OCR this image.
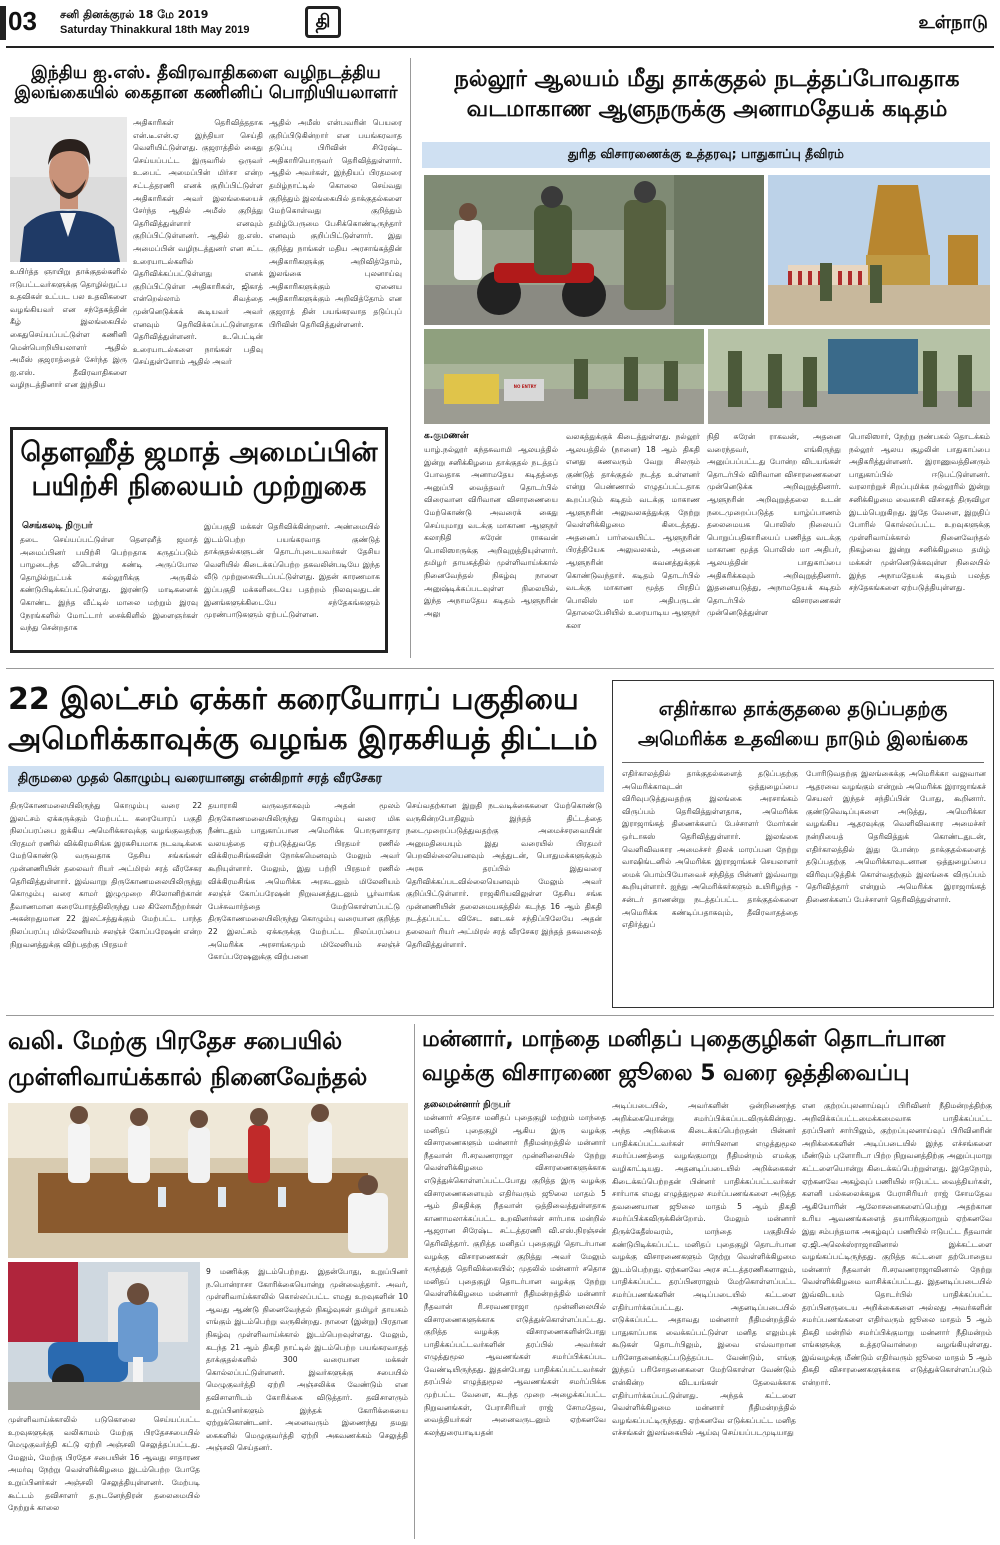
03 சனி தினக்குரல் 18 மே 2019
Saturday Thinakkural 18th May 2019	தி	உள்நாடு
இந்திய ஐ.எஸ். தீவிரவாதிகளை வழிநடத்திய இலங்கையில் கைதான கணினிப் பொறியியலாளர்
உயிர்த்த ஞாயிறு தாக்குதல்களில் ஈடுபட்டவர்களுக்கு தொழில்நுட்ப உதவிகள் உட்பட பல உதவிகளை வழங்கியவர் என சந்தேகத்தின் கீழ் இலங்கையில் கைதுசெய்யப்பட்டுள்ள கணினி மென்பொறியியலாளர் ஆதில் அமீஸ் குஜராத்தைச் சேர்ந்த இரு ஐ.எஸ். தீவிரவாதிகளை வழிநடத்தினார் என இந்திய
அதிகாரிகள் தெரிவித்ததாக என்.டீ.என்.ஏ இந்தியா செய்தி வெளியிட்டுள்ளது. குஜராத்தில் கைது செய்யப்பட்ட இருவரில் ஒருவர் உ.பைட் அமைப்பின் மிர்சா என்ற சட்டத்தரணி எனக் குறிப்பிட்டுள்ள அதிகாரிகள் அவர் இலங்கையைச் சேர்ந்த ஆதில் அமீஸ் குறித்து தெரிவித்துள்ளார் எனவும் குறிப்பிட்டுள்ளனர். ஆதில் ஐ.எஸ். அமைப்பின் வழிநடத்துனர் என சட்ட உரையாடல்களில் தெரிவிக்கப்பட்டுள்ளது எனக் குறிப்பிட்டுள்ள அதிகாரிகள், ஜிகாத் என்றெல்லாம் சிவத்தை முன்னெடுக்கக் கூடியவர் அவர் எனவும் தெரிவிக்கப்பட்டுள்ளதாக தெரிவித்துள்ளனர். உ.பெட்டின் உரையாடல்களை நாங்கள் பதிவு செய்துள்ளோம் ஆதில் அவர்
ஆதில் அமீஸ் என்பவரின் பெயரை குறிப்பிடுகின்றார் என பயங்கரவாத தடுப்பு பிரிவின் சிரேஷ்ட அதிகாரியொருவர் தெரிவித்துள்ளார். ஆதில் அவர்கள், இந்தியப் பிரதமரை தமிழ்நாட்டில் கொலை செய்வது குறித்தும் இலங்கையில் தாக்குதல்களை மேற்கொள்வது குறித்தும் தமிழ்பேருமை பேசிக்கொண்டிருந்தார் எனவும் குறிப்பிட்டுள்ளார். இது குறித்து நாங்கள் மதிய அரசாங்கத்தின் அதிகாரிகளுக்கு அறிவித்தோம், இலங்கை புலனாய்வு அதிகாரிகளுக்கும் ஏனைய அதிகாரிகளுக்கும் அறிவித்தோம் என குஜராத் தின் பயங்கரவாத தடுப்புப் பிரிவின் தெரிவித்துள்ளனர்.
தௌஹீத் ஜமாத் அமைப்பின் பயிற்சி நிலையம் முற்றுகை
செங்கலடி நிருபர்
தடை செய்யப்பட்டுள்ள தௌஹீத் ஜமாத் அமைப்பினர் பயிற்சி பெற்றதாக கருதப்படும் பாழடைந்த வீடொன்று சுண்டி அருப்போல தொழில்நுட்பக் கல்லூரிக்கு அருகில் கண்டுபிடிக்கப்பட்டுள்ளது. இரண்டு மாடிகளைக் கொண்ட இந்த வீட்டில் மாலை மற்றும் இரவு நேரங்களில் மோட்டார் சைக்கிளில் இளைஞர்கள் வந்து சென்றதாக
இப்பகுதி மக்கள் தெரிவிக்கின்றனர். அண்மையில் இடம்பெற்ற பயங்கரவாத குண்டுத் தாக்குதல்களுடன் தொடர்புடையவர்கள் தேசிய வெளியில் கிடைக்கப்பெற்ற தகவலின்படியே இந்த வீடு முற்றுகையிடப்பட்டுள்ளது. இதன் காரணமாக இப்பகுதி மக்களிடையே பதற்றம் நிலவுவதுடன் இனங்களுக்கிடையே சந்தேகங்களும் முரண்பாடுகளும் ஏற்பட்டுள்ளன.
நல்லூர் ஆலயம் மீது தாக்குதல் நடத்தப்போவதாக வடமாகாண ஆளுநருக்கு அனாமதேயக் கடிதம்
துரித விசாரணைக்கு உத்தரவு; பாதுகாப்பு தீவிரம்
NO ENTRY
க.குமணன்
யாழ்.நல்லூர் கந்தசுவாமி ஆலயத்தில் இன்று சனிக்கிழமை தாக்குதல் நடத்தப் போவதாக அனாமதேய கடிதத்தை அனுப்பி வைத்தவர் தொடர்பில் விரைவான விரிவான விசாரணையை மேற்கொண்டு அவரைக் கைது செய்யுமாறு வடக்கு மாகாண ஆளுநர் கலாநிதி சுரேன் ராகவன் பொலிஸாருக்கு அறிவுறுத்தியுள்ளார். தமிழர் தாயகத்தில் முள்ளிவாய்க்கால் நினைவேந்தல் நிகழ்வு நாளை அனுஷ்டிக்கப்படவுள்ள நிலையில், இந்த அநாமதேய கடிதம் ஆளுநரின் அலு
வலகத்துக்குக் கிடைத்துள்ளது. நல்லூர் ஆலயத்தில் (நாளை) 18 ஆம் திகதி எனது கணவரும் வேறு சிலரும் குண்டுத் தாக்குதல் நடத்த உள்ளனர் என்று பெண்ணால் எழுதப்பட்டதாக கூறப்படும் கடிதம் வடக்கு மாகாண ஆளுநரின் அலுவலகத்துக்கு நேற்று வெள்ளிக்கிழமை கிடைத்தது. அதனைப் பார்வையிட்ட ஆளுநரின் பிரத்தியேக அலுவலகம், அதனை ஆளுநரின் கவனத்துக்குக் கொண்டுவந்தார். கடிதம் தொடர்பில் வடக்கு மாகாண மூத்த பிரதிப் பொலிஸ் மா அதிபருடன் தொலைபேசியில் உரையாடிய ஆளுநர் கலா
நிதி சுரேன் ராகவன், அதனை வரைந்தவர், எங்கிருந்து அனுப்பப்பட்டது போன்ற விடயங்கள் தொடர்பில் விரிவான விசாரணைகளை முன்னெடுக்க அறிவுறுத்தினார். ஆளுநரின் அறிவுறுத்தலை உடன் நடைமுறைப்படுத்த யாழ்ப்பாணம் தலைமையக பொலிஸ் நிலையப் பொறுப்பதிகாரியைப் பணித்த வடக்கு மாகாண மூத்த பொலிஸ் மா அதிபர், ஆலயத்தின் பாதுகாப்பை அதிகரிக்கவும் அறிவுறுத்தினார். இதனையடுத்து, அநாமதேயக் கடிதம் தொடர்பில் விசாரணைகள் முன்னெடுத்துள்ள
பொலிஸார், நேற்று நண்பகல் தொடக்கம் நல்லூர் ஆலய சூழலின் பாதுகாப்பை அதிகரித்துள்ளனர். இராணுவத்தினரும் பாதுகாப்பில் ஈடுபட்டுள்ளனர். வரலாற்றுச் சிறப்புமிக்க நல்லூரில் இன்று சனிக்கிழமை வைகாசி விசாகத் திருவிழா இடம்பெறுகிறது. இதே வேளை, இறுதிப் போரில் கொல்லப்பட்ட உறவுகளுக்கு முள்ளிவாய்க்கால் நினைவேந்தல் நிகழ்வை இன்று சனிக்கிழமை தமிழ் மக்கள் முன்னெடுக்கவுள்ள நிலையில் இந்த அநாமதேயக் கடிதம் பலத்த சந்தேகங்களை ஏற்படுத்தியுள்ளது.
22 இலட்சம் ஏக்கர் கரையோரப் பகுதியை
அமெரிக்காவுக்கு வழங்க இரகசியத் திட்டம்
திருமலை முதல் கொழும்பு வரையானது என்கிறார் சரத் வீரசேகர
திருகோணமலையிலிருந்து கொழும்பு வரை 22 இலட்சம் ஏக்கருக்கும் மேற்பட்ட கரையோரப் பகுதி நிலப்பரப்பை ஐக்கிய அமெரிக்காவுக்கு வழங்குவதற்கு பிரதமர் ரணில் விக்கிரமசிங்க இரகசியமாக நடவடிக்கை மேற்கொண்டு வருவதாக தேசிய சங்கங்கள் முன்னணியின் தலைவர் ரியர் அட்மிரல் சரத் வீரசேகர தெரிவித்துள்ளார். இவ்வாறு திருகோணமலையிலிருந்து கொழும்பு வரை காமர் இழுமுறை சிலோனிற்கான் தீவாணமான கரையோரத்திலிருந்து பல கிலோமீற்றர்கள் அகன்றதுமான 22 இலட்சத்துக்கும் மேற்பட்ட பாந்த நிலப்பரப்பு மில்லேனியம் சலஞ்ச் கோப்பரேஷன் என்ற நிறுவனத்துக்கு விற்பதற்கு பிரதமர்
தயாராகி வருவதாகவும் அதன் மூலம் திருகோணமலையிலிருந்து கொழும்பு வரை மிக நீண்டதும் பாதுகாப்பான அமெரிக்க பொருளாதார வலயத்தை ஏற்படுத்துவதே பிரதமர் ரணில் விக்கிரமசிங்கவின் நோக்கமெனவும் மேலும் அவர் கூறியுள்ளார். மேலும், இது பற்றி பிரதமர் ரணில் விக்கிரமசிங்க அமெரிக்க அரசுடனும் மிலேனியம் சலஞ்ச் கோப்பரேஷன் நிறுவனத்துடனும் பூர்வாங்க பேச்சுவார்த்தை மேற்கொள்ளப்பட்டு திருகோணமலையிலிருந்து கொழும்பு வரையான குறித்த 22 இலட்சம் ஏக்கருக்கு மேற்பட்ட நிலப்பரப்பை அமெரிக்க அரசாங்கமும் மிலேனியம் சலஞ்ச் கோப்பரேஷனுக்கு விற்பனை
செய்வதற்கான இறுதி நடவடிக்கைகளை மேற்கொண்டு வருகின்றபோதிலும் இந்தத் திட்டத்தை நடைமுறைப்படுத்துவதற்கு அமைச்சரவையின் அனுமதியையும் இது வரையில் பிரதமர் பெறவில்லையெனவும் அத்துடன், பொதுமக்களுக்கும் அரசு தரப்பில் இதுவரை தெரிவிக்கப்படவில்லையெனவும் மேலும் அவர் குறிப்பிட்டுள்ளார். ராஜகிரியவிலுள்ள தேசிய சங்க முன்னணியின் தலைமையகத்தில் கடந்த 16 ஆம் திகதி நடத்தப்பட்ட விசேட ஊடகச் சந்திப்பிலேயே அதன் தலைவர் ரியர் அட்மிரல் சரத் வீரசேகர இந்தத் தகவலைத் தெரிவித்துள்ளார்.
எதிர்கால தாக்குதலை தடுப்பதற்கு
அமெரிக்க உதவியை நாடும் இலங்கை
எதிர்காலத்தில் தாக்குதல்களைத் தடுப்பதற்கு அமெரிக்காவுடன் ஒத்துழைப்பை விரிவுபடுத்துவதற்கு இலங்கை அரசாங்கம் விருப்பம் தெரிவித்துள்ளதாக, அமெரிக்க இராஜாங்கத் திணைக்களப் பேச்சாளர் மோர்கன் ஒர்டாகஸ் தெரிவித்துள்ளார். இலங்கை வெளிவிவகார அமைச்சர் திலக் மாரப்பன நேற்று வாஷிங்டனில் அமெரிக்க இராஜாங்கச் செயலாளர் மைக் பொம்பியோவைச் சந்தித்த பின்னர் இவ்வாறு கூறியுள்ளார். ஐந்து அமெரிக்கர்களும் உயிரிழந்த - சன்டர் தாணன்று நடத்தப்பட்ட தாக்குதல்களை அமெரிக்க கண்டிப்பதாகவும், தீவிரவாதத்தை எதிர்த்துப்
போரிடுவதற்கு இலங்கைக்கு அமெரிக்கா வலுவான ஆதரவை வழங்கும் என்றும் அமெரிக்க இராஜாங்கச் செயலர் இந்தச் சந்திப்பின் போது, கூறினார். குண்டுவெடிப்புகளை அடுத்து, அமெரிக்கா வழங்கிய ஆதரவுக்கு வெளிவிவகார அமைச்சர் நன்றியைத் தெரிவித்துக் கொண்டதுடன், எதிர்காலத்தில் இது போன்ற தாக்குதல்களைத் தடுப்பதற்கு அமெரிக்காவுடனான ஒத்துழைப்பை விரிவுபடுத்திக் கொள்வதற்கும் இலங்கை விருப்பம் தெரிவித்தார் என்றும் அமெரிக்க இராஜாங்கத் திணைக்களப் பேச்சாளர் தெரிவித்துள்ளார்.
வலி. மேற்கு பிரதேச சபையில்
முள்ளிவாய்க்கால் நினைவேந்தல்
முள்ளிவாய்க்காலில் படுகொலை செய்யப்பட்ட உறவுகளுக்கு வலிகாமம் மேற்கு பிரதேசசபையில் மெழுகுவர்த்தி கட்டு ஏற்றி அஞ்சலி செலுத்தப்பட்டது. மேலும், மேற்கு பிரதேச சபையின் 16 ஆவது சாதாரண அமர்வு நேற்று வெள்ளிக்கிழமை இடம்பெற்ற போதே உறுப்பினர்கள் அஞ்சலி செலுத்தியுள்ளனர். மேற்படி கூட்டம் தவிசாளர் த.நடனேந்திரன் தலைமையில் நேற்றுக் காலை
9 மணிக்கு இடம்பெற்றது. இதன்போது, உறுப்பினர் ந.பொன்ராசா கோரிக்கையொன்று முன்வைத்தார். அவர், முள்ளிவாய்க்காலில் கொல்லப்பட்ட எமது உறவுகளின் 10 ஆவது ஆண்டு நினைவேந்தல் நிகழ்வுகள் தமிழர் தாயகம் எங்கும் இடம்பெற்று வருகின்றது. நாளை (இன்று) பிரதான நிகழ்வு முள்ளிவாய்க்கால் இடம்பெறவுள்ளது. மேலும், கடந்த 21 ஆம் திகதி நாட்டில் இடம்பெற்ற பயங்கரவாதத் தாக்குதல்களில் 300 வரையான மக்கள் கொல்லப்பட்டுள்ளனர். இவர்களுக்கு சபையில் மெழுகுவர்த்தி ஏற்றி அஞ்சலிக்க வேண்டும் என தவிசாளரிடம் கோரிக்கை விடுத்தார். தவிசாளரும் உறுப்பினர்களும் இந்தக் கோரிக்கையை ஏற்றுக்கொண்டனர். அனைவரும் இணைந்து தமது கைகளில் மெழுகுவர்த்தி ஏற்றி அகவணக்கம் செலுத்தி அஞ்சலி செய்தனர்.
மன்னார், மாந்தை மனிதப் புதைகுழிகள் தொடர்பான
வழக்கு விசாரணை ஜூலை 5 வரை ஒத்திவைப்பு
தலைமன்னார் நிருபர்
மன்னார் சதொச மனிதப் புதைகுழி மற்றும் மாந்தை மனிதப் புதைகுழி ஆகிய இரு வழக்கு விசாரணைகளும் மன்னார் நீதிமன்றத்தில் மன்னார் நீதவான் ரி.சரவணராஜா முன்னிலையில் நேற்று வெள்ளிக்கிழமை விசாரணைகளுக்காக எடுத்துக்கொள்ளப்பட்டபோது குறித்த இரு வழக்கு விசாரணைகளையும் எதிர்வரும் ஜூலை மாதம் 5 ஆம் திகதிக்கு நீதவான் ஒத்திவைத்துள்ளதாக காணாமலாக்கப்பட்ட உறவினர்கள் சார்பாக மன்றில் ஆஜரான சிரேஷ்ட சட்டத்தரணி வி.எஸ்.நிரஞ்சன் தெரிவித்தார். குறித்த மனிதப் புதைகுழி தொடர்பான வழக்கு விசாரணைகள் குறித்து அவர் மேலும் கருத்துத் தெரிவிக்கையில்; முதலில் மன்னார் சதொச மனிதப் புதைகுழி தொடர்பான வழக்கு நேற்று வெள்ளிக்கிழமை மன்னார் நீதிமன்றத்தில் மன்னார் நீதவான் ரி.சரவணராஜா முன்னிலையில் விசாரணைகளுக்காக எடுத்துக்கொள்ளப்பட்டது. குறித்த வழக்கு விசாரணைகளின்போது பாதிக்கப்பட்டவர்களின் தரப்பில் அவர்கள் எழுத்துமூல ஆவணங்கள் சமர்ப்பிக்கப்பட வேண்டியிருந்தது. இதன்போது பாதிக்கப்பட்டவர்கள் தரப்பில் எழுத்துமூல ஆவணங்கள் சமர்ப்பிக்க முற்பட்ட வேளை, கடந்த முறை அழைக்கப்பட்ட நிறுவனங்கள், பேராசிரியர் ராஜ் சோமதேவ, வைத்தியர்கள் அனைவருடனும் ஏற்கனவே கலந்துரையாடியதன்
அடிப்படையில், அவர்களின் ஒன்றிணைந்த அறிக்கையொன்று சமர்ப்பிக்கப்படவிருக்கின்றது. அந்த அறிக்கை கிடைக்கப்பெற்றதன் பின்னர் பாதிக்கப்பட்டவர்கள் சார்பிலான எழுத்துமூல சமர்ப்பணத்தை வழங்குமாறு நீதிமன்றம் எமக்கு வழிகாட்டியது. அதனடிப்படையில் அறிக்கைகள் கிடைக்கப்பெற்றதன் பின்னர் பாதிக்கப்பட்டவர்கள் சார்பாக எமது எழுத்துமூல சமர்ப்பணங்களை அடுத்த தவணையான ஜூலை மாதம் 5 ஆம் திகதி சமர்ப்பிக்கவிருக்கின்றோம். மேலும் மன்னார் திருக்கேதீஸ்வரம், மாந்தை பகுதியில் கண்டுபிடிக்கப்பட்ட மனிதப் புதைகுழி தொடர்பான வழக்கு விசாரணைகளும் நேற்று வெள்ளிக்கிழமை இடம்பெற்றது. ஏற்கனவே அரச சட்டத்தரணிகளாலும், பாதிக்கப்பட்ட தரப்பினராலும் மேற்கொள்ளப்பட்ட சமர்ப்பணங்களின் அடிப்படையில் கட்டளை எதிர்பார்க்கப்பட்டது. அதனடிப்படையில் எடுக்கப்பட்ட அதாவது மன்னார் நீதிமன்றத்தில் பாதுகாப்பாக வைக்கப்பட்டுள்ள மனித எலும்புக் கூடுகள் தொடர்பிலும், இவை எவ்வாறான பரிசோதனைக்குட்படுத்தப்பட வேண்டும், எங்கு இந்தப் பரிசோதனைகளை மேற்கொள்ள வேண்டும் என்கின்ற விடயங்கள் தேவைக்காக எதிர்பார்க்கப்பட்டுள்ளது. அந்தக் கட்டளை வெள்ளிக்கிழமை மன்னார் நீதிமன்றத்தில் வழங்கப்பட்டிருந்தது. ஏற்கனவே எடுக்கப்பட்ட மனித எச்சங்கள் இலங்கையில் ஆய்வு செய்யப்படமுடியாது
என குற்றப்புலனாய்வுப் பிரிவினர் நீதிமன்றத்திற்கு அறிவிக்கப்பட்டமைக்கமைவாக பாதிக்கப்பட்ட தரப்பினர் சார்பிலும், குற்றப்புலனாய்வுப் பிரிவினரின் அறிக்கைகளின் அடிப்படையில் இந்த எச்சங்களை மீண்டும் புளோரிடா பிற்ற நிறுவனத்திற்கு அனுப்புமாறு கட்டளையொன்று கிடைக்கப்பெற்றுள்ளது. இதேநேரம், ஏற்கனவே அகழ்வுப் பணியில் ஈடுபட்ட வைத்தியர்கள், களனி பல்கலைக்கழக பேராசிரியர் ராஜ் சோமதேவ ஆகியோரின் ஆலோசனைகளைப்பெற்று அதற்கான உரிய ஆவணங்களைத் தயாரிக்குமாறும் ஏற்கனவே இது சம்பந்தமாக அகழ்வுப் பணியில் ஈடுபட்ட நீதவான் ஏ.ஜி.அலெக்ஸ்ராஜாவினால் இக்கட்டளை வழங்கப்பட்டிருந்தது. குறித்த கட்டளை தற்போதைய மன்னார் நீதவான் ரி.சரவணராஜாவினால் நேற்று வெள்ளிக்கிழமை வாசிக்கப்பட்டது. இதனடிப்படையில் இவ்விடயம் தொடர்பில் பாதிக்கப்பட்ட தரப்பினருடைய அறிக்கைகளை அல்லது அவர்களின் சமர்ப்பணங்களை எதிர்வரும் ஜூலை மாதம் 5 ஆம் திகதி மன்றில் சமர்ப்பிக்குமாறு மன்னார் நீதிமன்றம் எங்களுக்கு உத்தரவொன்றை வழங்கியுள்ளது. இவ்வழக்கு மீண்டும் எதிர்வரும் ஜூலை மாதம் 5 ஆம் திகதி விசாரணைகளுக்காக எடுத்துக்கொள்ளப்படும் என்றார்.
